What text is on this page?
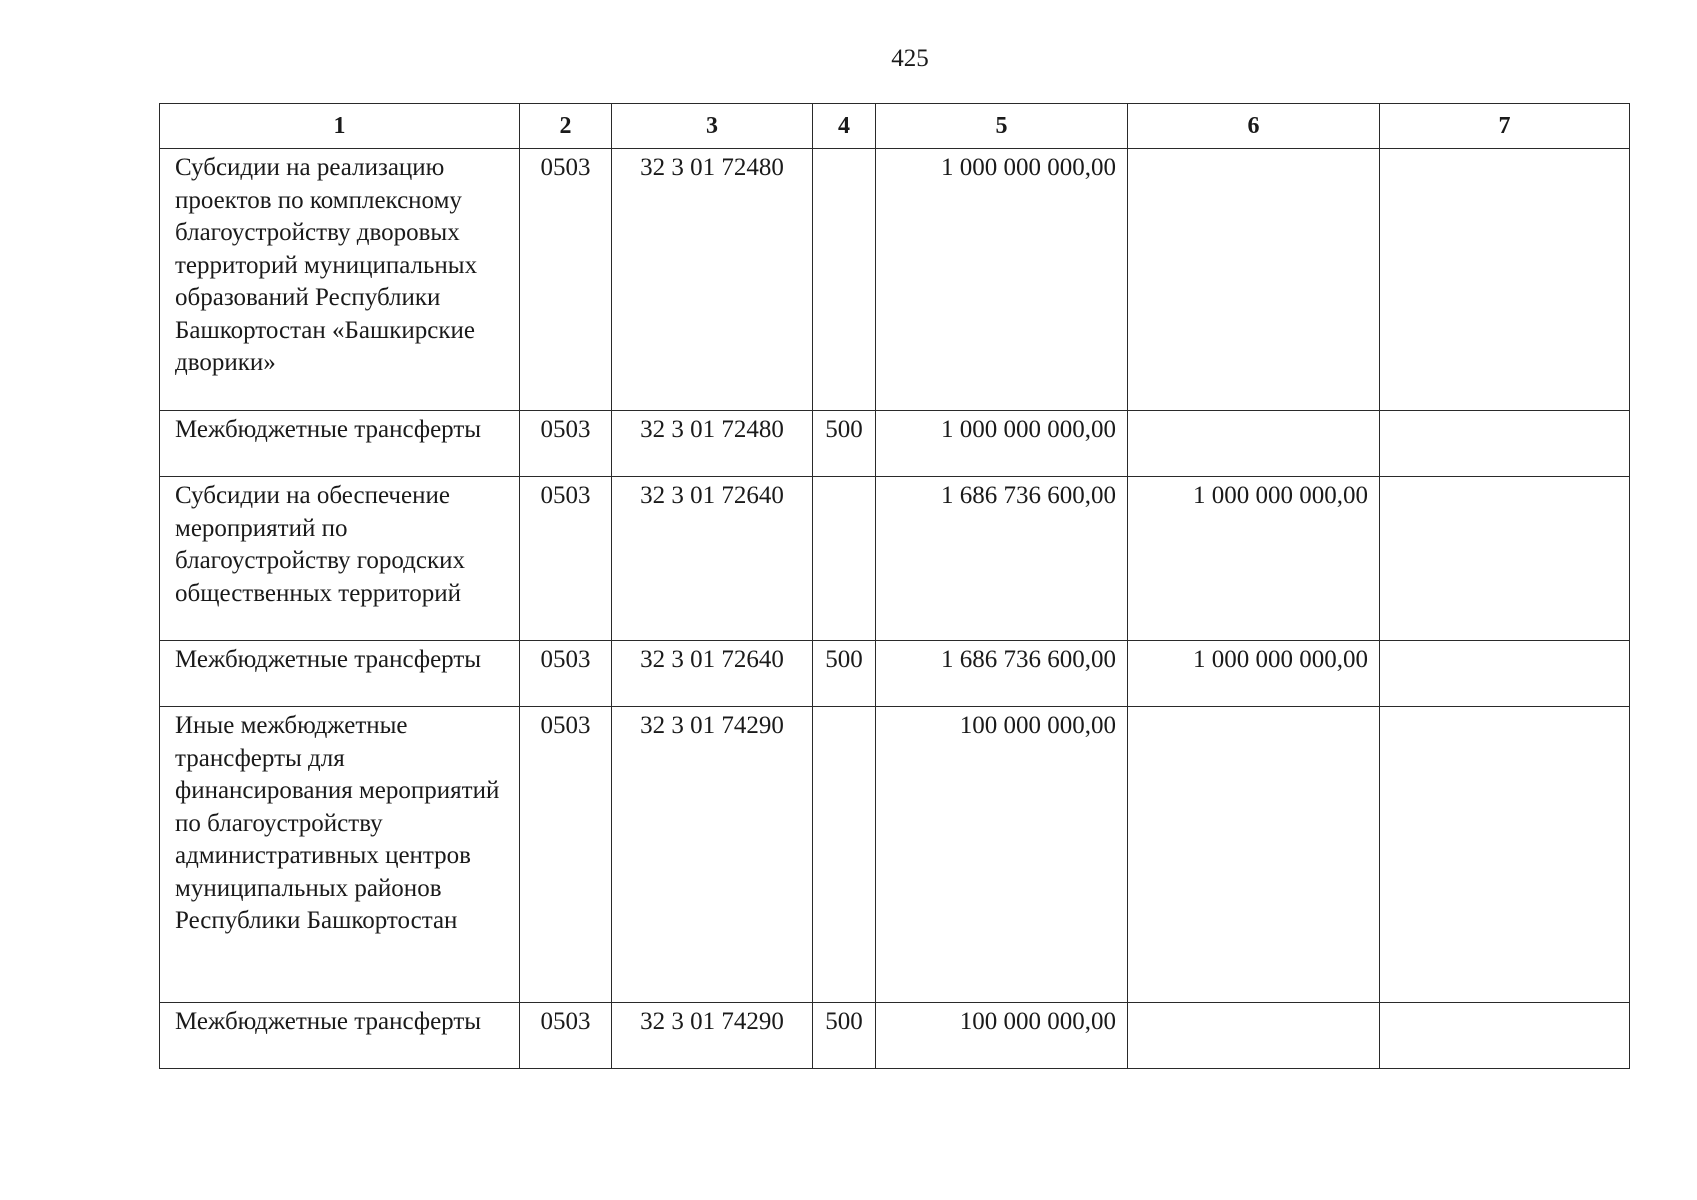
425
1	2	3	4	5	6	7
Субсидии на реализацию проектов по комплексному благоустройству дворовых территорий муниципальных образований Республики Башкортостан «Башкирские дворики»	0503	32 3 01 72480		1 000 000 000,00		
Межбюджетные трансферты	0503	32 3 01 72480	500	1 000 000 000,00		
Субсидии на обеспечение мероприятий по благоустройству городских общественных территорий	0503	32 3 01 72640		1 686 736 600,00	1 000 000 000,00	
Межбюджетные трансферты	0503	32 3 01 72640	500	1 686 736 600,00	1 000 000 000,00	
Иные межбюджетные трансферты для финансирования мероприятий по благоустройству административных центров муниципальных районов Республики Башкортостан	0503	32 3 01 74290		100 000 000,00		
Межбюджетные трансферты	0503	32 3 01 74290	500	100 000 000,00		
